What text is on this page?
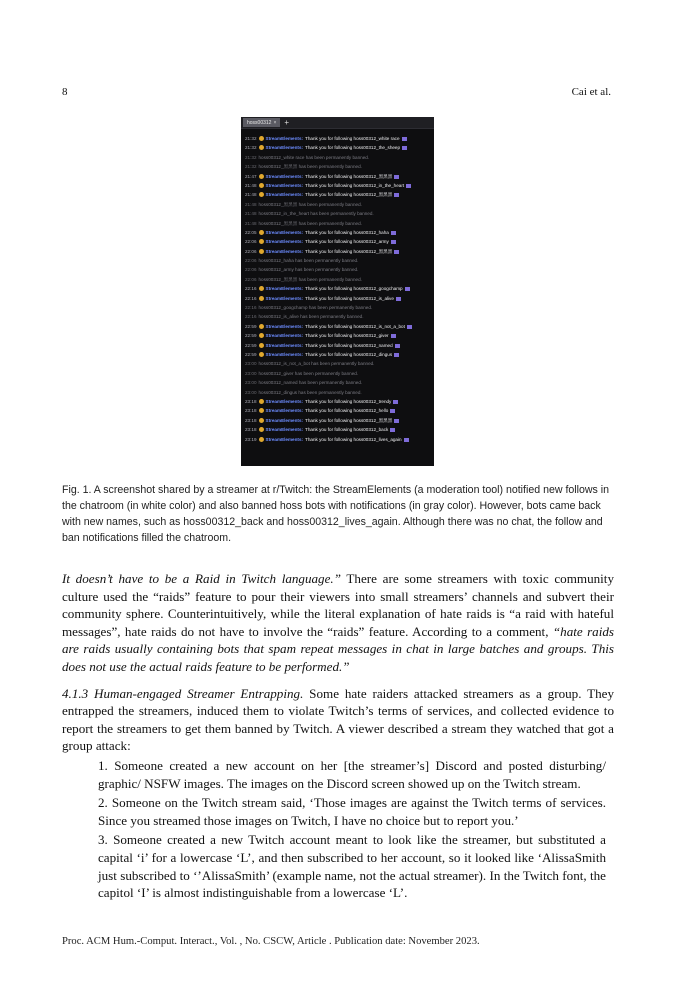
8	Cai et al.
hoss00312 × +
21:32 StreamElements: Thank you for following hoss00312_white race
21:32 StreamElements: Thank you for following hoss00312_the_sheep
21:32 hoss00312_white race has been permanently banned.
21:32 hoss00312_黑黑黑 has been permanently banned.
21:47 StreamElements: Thank you for following hoss00312_黑黑黑
21:48 StreamElements: Thank you for following hoss00312_in_the_heart
21:48 StreamElements: Thank you for following hoss00312_黑黑黑
21:48 hoss00312_黑黑黑 has been permanently banned.
21:48 hoss00312_in_the_heart has been permanently banned.
21:48 hoss00312_黑黑黑 has been permanently banned.
22:05 StreamElements: Thank you for following hoss00312_haha
22:06 StreamElements: Thank you for following hoss00312_army
22:06 StreamElements: Thank you for following hoss00312_黑黑黑
22:06 hoss00312_haha has been permanently banned.
22:06 hoss00312_army has been permanently banned.
22:06 hoss00312_黑黑黑 has been permanently banned.
22:16 StreamElements: Thank you for following hoss00312_googchamp
22:16 StreamElements: Thank you for following hoss00312_is_alive
22:16 hoss00312_googchamp has been permanently banned.
22:16 hoss00312_is_alive has been permanently banned.
22:59 StreamElements: Thank you for following hoss00312_is_not_a_bot
22:59 StreamElements: Thank you for following hoss00312_giver
22:59 StreamElements: Thank you for following hoss00312_named
22:59 StreamElements: Thank you for following hoss00312_dingus
23:00 hoss00312_is_not_a_bot has been permanently banned.
23:00 hoss00312_giver has been permanently banned.
23:00 hoss00312_named has been permanently banned.
23:00 hoss00312_dingus has been permanently banned.
23:18 StreamElements: Thank you for following hoss00312_trendy
23:18 StreamElements: Thank you for following hoss00312_hello
23:18 StreamElements: Thank you for following hoss00312_黑黑黑
23:18 StreamElements: Thank you for following hoss00312_back
23:19 StreamElements: Thank you for following hoss00312_lives_again
Fig. 1. A screenshot shared by a streamer at r/Twitch: the StreamElements (a moderation tool) notified new follows in the chatroom (in white color) and also banned hoss bots with notifications (in gray color). However, bots came back with new names, such as hoss00312_back and hoss00312_lives_again. Although there was no chat, the follow and ban notifications filled the chatroom.

It doesn’t have to be a Raid in Twitch language.” There are some streamers with toxic community culture used the “raids” feature to pour their viewers into small streamers’ channels and subvert their community sphere. Counterintuitively, while the literal explanation of hate raids is “a raid with hateful messages”, hate raids do not have to involve the “raids” feature. According to a comment, “hate raids are raids usually containing bots that spam repeat messages in chat in large batches and groups. This does not use the actual raids feature to be performed.”

4.1.3 Human-engaged Streamer Entrapping. Some hate raiders attacked streamers as a group. They entrapped the streamers, induced them to violate Twitch’s terms of services, and collected evidence to report the streamers to get them banned by Twitch. A viewer described a stream they watched that got a group attack:

1. Someone created a new account on her [the streamer’s] Discord and posted disturbing/ graphic/ NSFW images. The images on the Discord screen showed up on the Twitch stream.

2. Someone on the Twitch stream said, ‘Those images are against the Twitch terms of services. Since you streamed those images on Twitch, I have no choice but to report you.’

3. Someone created a new Twitch account meant to look like the streamer, but substituted a capital ‘i’ for a lowercase ‘L’, and then subscribed to her account, so it looked like ‘AlissaSmith just subscribed to ‘’AlissaSmith’ (example name, not the actual streamer). In the Twitch font, the capitol ‘I’ is almost indistinguishable from a lowercase ‘L’.

Proc. ACM Hum.-Comput. Interact., Vol. , No. CSCW, Article . Publication date: November 2023.
